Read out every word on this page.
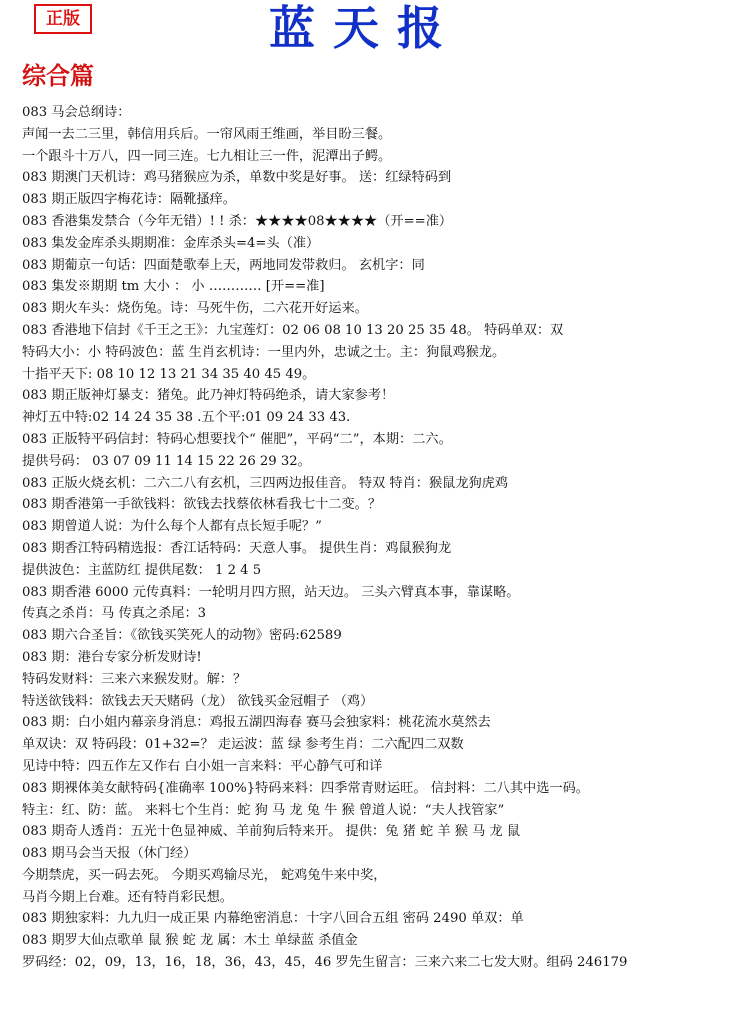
正版	蓝天报
综合篇
083 马会总纲诗：
声闻一去二三里，韩信用兵后。一帘风雨王维画，举目盼三餐。
一个跟斗十万八，四一同三连。七九相让三一件，泥潭出子鳄。
083 期澳门天机诗：鸡马猪猴应为杀，单数中奖是好事。 送：红绿特码到
083 期正版四字梅花诗：隔靴搔痒。
083 香港集发禁合（今年无错）! ! 杀：★★★★08★★★★（开==准）
083 集发金库杀头期期准：金库杀头=4=头（准）
083 期葡京一句话：四面楚歌奉上天，两地同发带救归。 玄机字：同
083 集发※期期 tm 大小 ： 小 ………… [开==准]
083 期火车头：烧伤兔。诗：马死牛伤，二六花开好运来。
083 香港地下信封《千王之王》：九宝莲灯：02 06 08 10 13 20 25 35 48。 特码单双：双
特码大小：小 特码波色：蓝 生肖玄机诗：一里内外，忠诚之士。主：狗鼠鸡猴龙。
十指平天下: 08 10 12 13 21 34 35 40 45 49。
083 期正版神灯暴支：猪兔。此乃神灯特码绝杀，请大家参考！
神灯五中特:02 14 24 35 38 .五个平:01 09 24 33 43.
083 正版特平码信封：特码心想要找个“ 催肥”，平码“二”，本期：二六。
提供号码： 03 07 09 11 14 15 22 26 29 32。
083 正版火烧玄机：二六二八有玄机，三四两边报佳音。 特双 特肖：猴鼠龙狗虎鸡
083 期香港第一手欲钱料：欲钱去找蔡依林看我七十二变。？
083 期曾道人说：为什么每个人都有点长短手呢？”
083 期香江特码精选报：香江话特码：天意人事。 提供生肖：鸡鼠猴狗龙
提供波色：主蓝防红 提供尾数： 1 2 4 5
083 期香港 6000 元传真料：一轮明月四方照，站天边。 三头六臂真本事，靠谋略。
传真之杀肖：马 传真之杀尾：3
083 期六合圣旨：《欲钱买笑死人的动物》密码:62589
083 期：港台专家分析发财诗!
特码发财料：三来六来猴发财。解：？
特送欲钱料：欲钱去天天赌码（龙） 欲钱买金冠帽子 （鸡）
083 期：白小姐内幕亲身消息：鸡报五湖四海春 赛马会独家料：桃花流水莫然去
单双诀：双 特码段：01+32=？ 走运波：蓝 绿 参考生肖：二六配四二双数
见诗中特：四五作左又作右 白小姐一言来料：平心静气可和详
083 期裸体美女献特码{准确率 100%}特码来料：四季常青财运旺。 信封料：二八其中选一码。
特主：红、防：蓝。 来料七个生肖：蛇 狗 马 龙 兔 牛 猴 曾道人说：“夫人找管家”
083 期奇人透肖：五光十色显神威、羊前狗后特来开。 提供：兔 猪 蛇 羊 猴 马 龙 鼠
083 期马会当天报（休门经）
今期禁虎，买一码去死。 今期买鸡输尽光， 蛇鸡兔牛来中奖，
马肖今期上台难。还有特肖彩民想。
083 期独家料：九九归一成正果 内幕绝密消息：十字八回合五组 密码 2490 单双：单
083 期罗大仙点歌单 鼠 猴 蛇 龙 属：木土 单绿蓝 杀值金
罗码经：02，09，13，16，18，36，43，45，46 罗先生留言：三来六来二七发大财。组码 246179
